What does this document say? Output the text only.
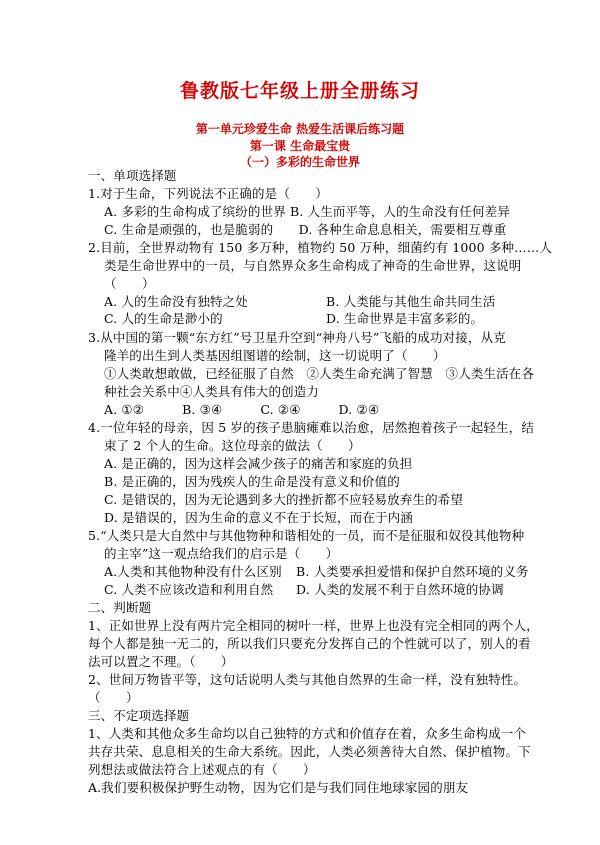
鲁教版七年级上册全册练习
第一单元珍爱生命 热爱生活课后练习题
第一课 生命最宝贵
（一）多彩的生命世界
一、单项选择题
1.对于生命，下列说法不正确的是（　　）
A. 多彩的生命构成了缤纷的世界 B. 人生而平等，人的生命没有任何差异
C. 生命是顽强的，也是脆弱的　　D. 各种生命息息相关，需要相互尊重
2.目前，全世界动物有 150 多万种，植物约 50 万种，细菌约有 1000 多种……人
类是生命世界中的一员，与自然界众多生命构成了神奇的生命世界，这说明
（　　）
A. 人的生命没有独特之处	B. 人类能与其他生命共同生活
C. 人的生命是渺小的	D. 生命世界是丰富多彩的。
3.从中国的第一颗“东方红”号卫星升空到“神舟八号”飞船的成功对接，从克
隆羊的出生到人类基因组图谱的绘制，这一切说明了（　　）
①人类敢想敢做，已经征服了自然　②人类生命充满了智慧　③人类生活在各
种社会关系中④人类具有伟大的创造力
A. ①②　　　B. ③④　　　C. ②④　　　D. ②④
4.一位年轻的母亲，因 5 岁的孩子患脑瘫难以治愈，居然抱着孩子一起轻生，结
束了 2 个人的生命。这位母亲的做法（　　）
A. 是正确的，因为这样会减少孩子的痛苦和家庭的负担
B. 是正确的，因为残疾人的生命是没有意义和价值的
C. 是错误的，因为无论遇到多大的挫折都不应轻易放弃生的希望
D. 是错误的，因为生命的意义不在于长短，而在于内涵
5.“人类只是大自然中与其他物种和谐相处的一员，而不是征服和奴役其他物种
的主宰”这一观点给我们的启示是（　　）
A.人类和其他物种没有什么区别 B. 人类要承担爱惜和保护自然环境的义务
C. 人类不应该改造和利用自然 D. 人类的发展不利于自然环境的协调
二、判断题
1、正如世界上没有两片完全相同的树叶一样，世界上也没有完全相同的两个人，
每个人都是独一无二的，所以我们只要充分发挥自己的个性就可以了，别人的看
法可以置之不理。（　　）
2、世间万物皆平等，这句话说明人类与其他自然界的生命一样，没有独特性。
（　　）
三、不定项选择题
1、人类和其他众多生命均以自己独特的方式和价值存在着，众多生命构成一个
共存共荣、息息相关的生命大系统。因此，人类必须善待大自然、保护植物。下
列想法或做法符合上述观点的有（　　）
A.我们要积极保护野生动物，因为它们是与我们同住地球家园的朋友
